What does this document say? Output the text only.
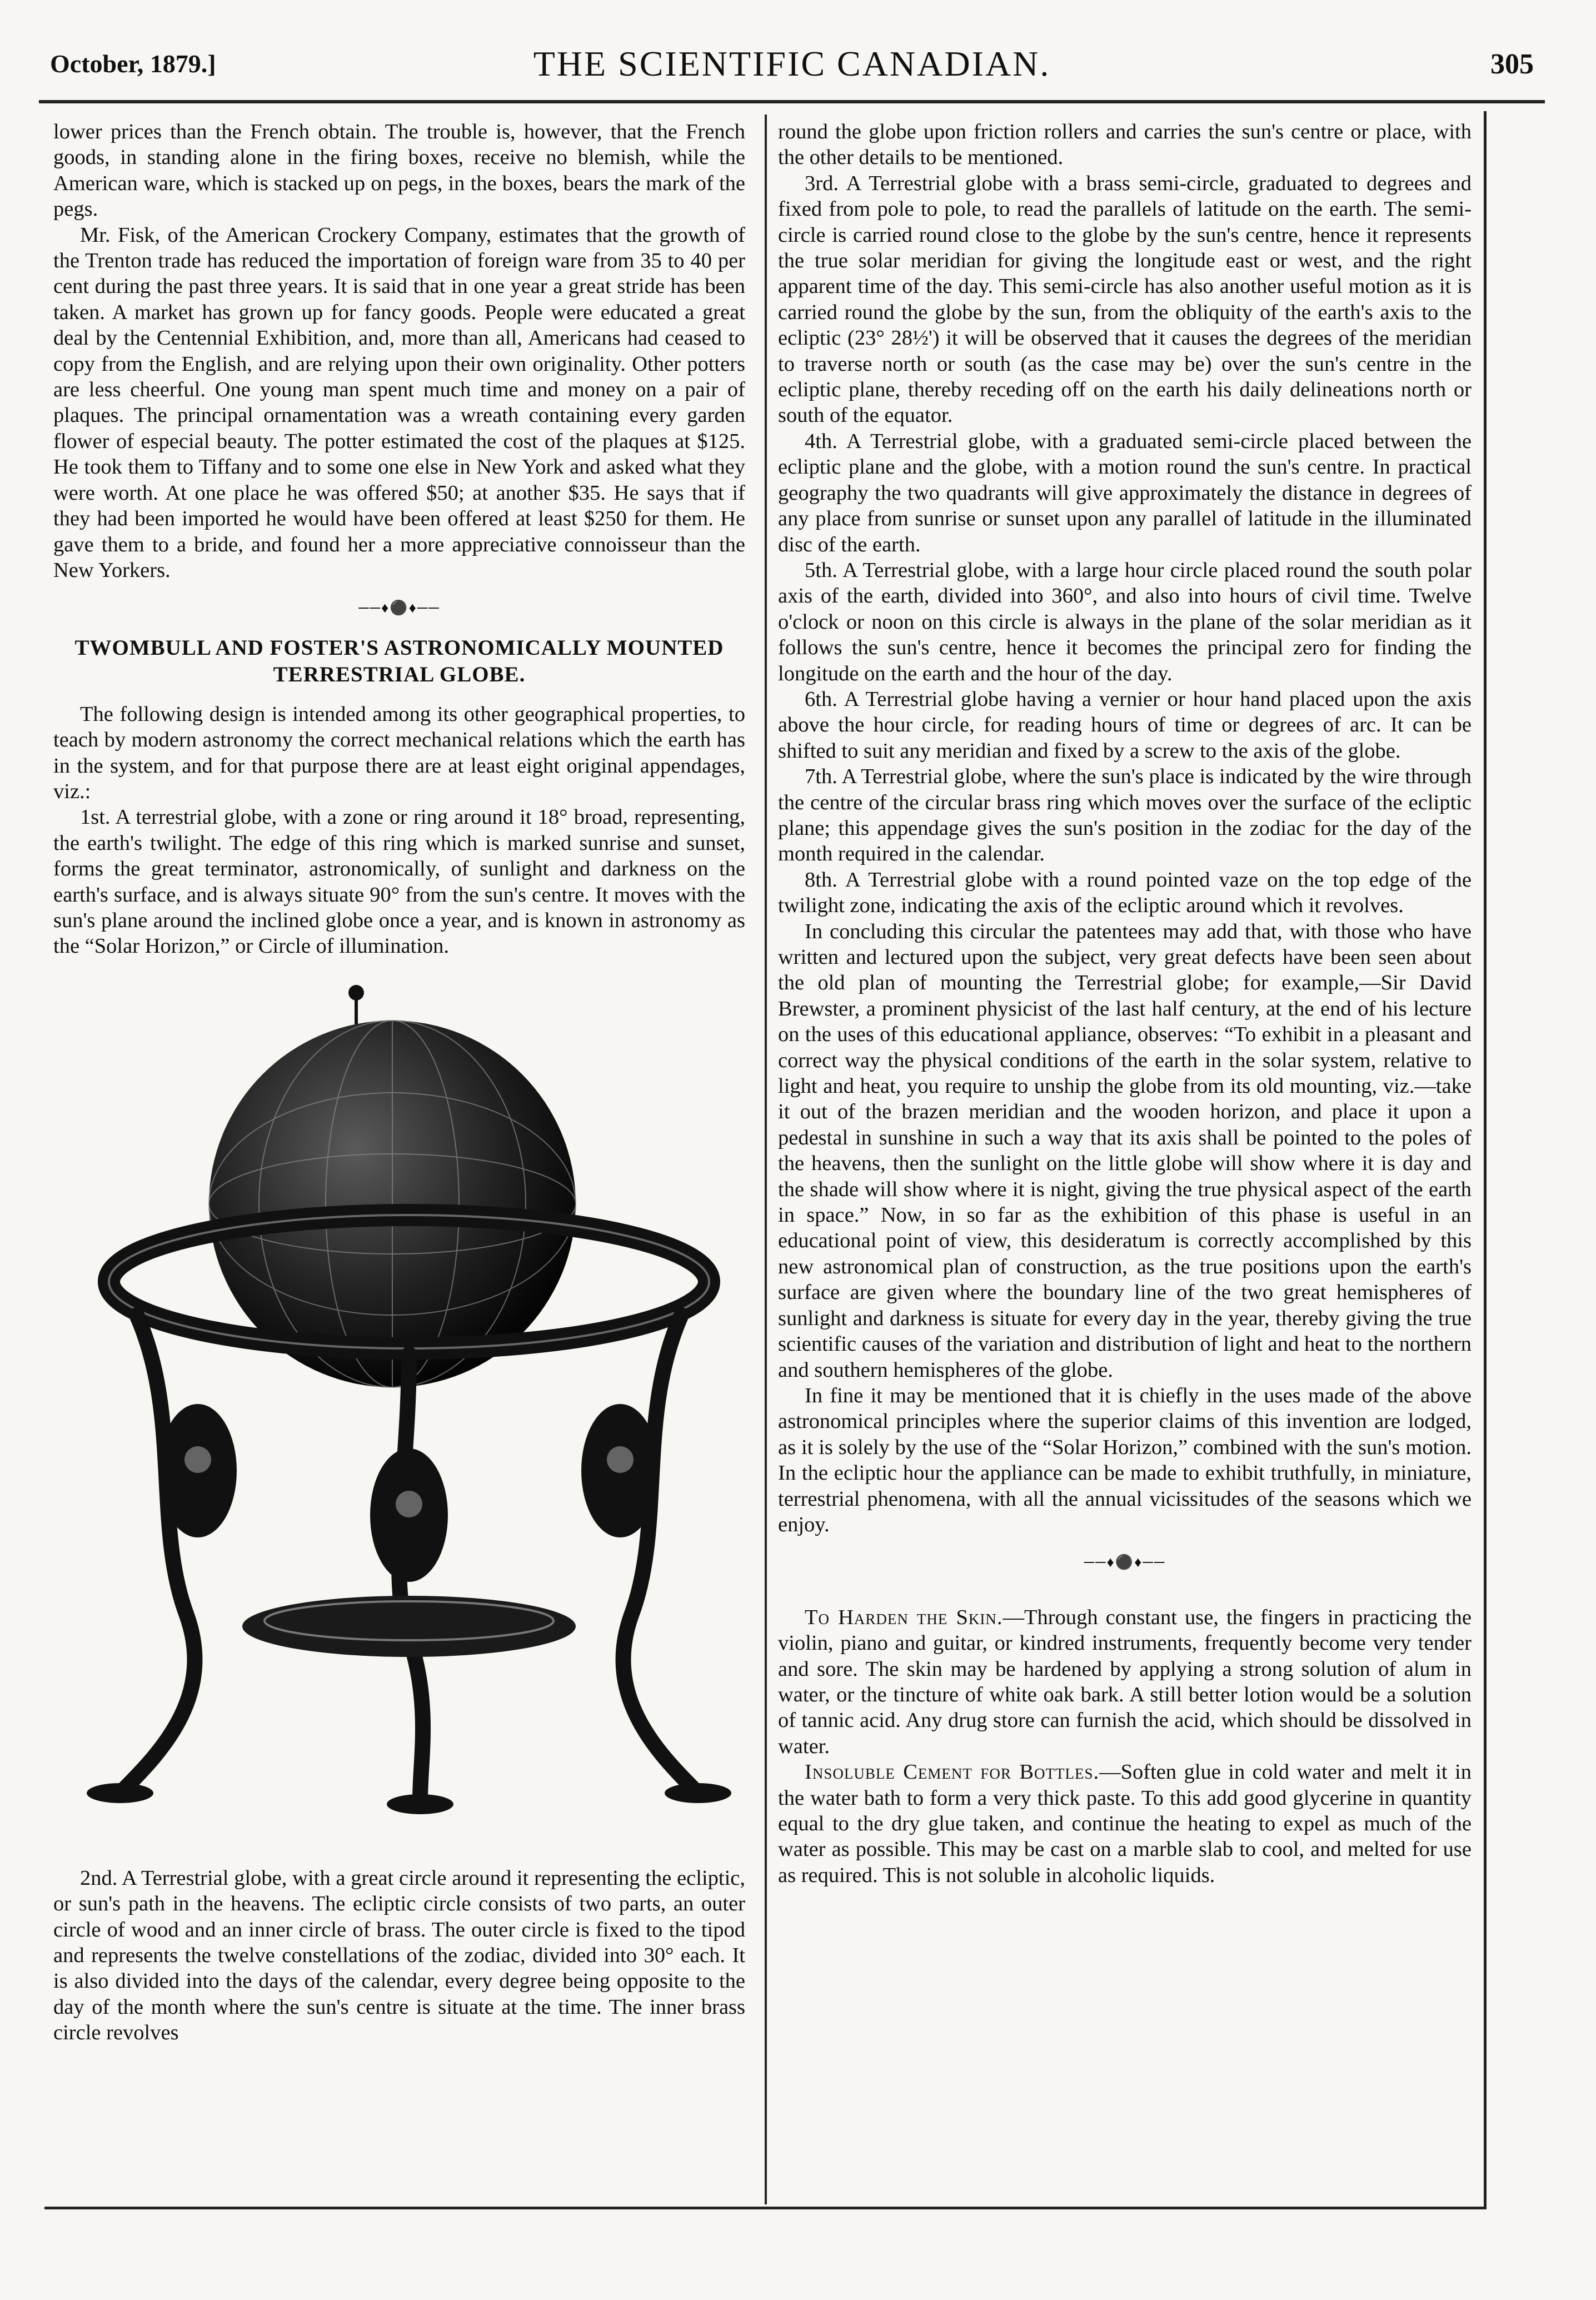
October, 1879.]	THE SCIENTIFIC CANADIAN.	305

lower prices than the French obtain. The trouble is, however, that the French goods, in standing alone in the firing boxes, receive no blemish, while the American ware, which is stacked up on pegs, in the boxes, bears the mark of the pegs.

Mr. Fisk, of the American Crockery Company, estimates that the growth of the Trenton trade has reduced the importation of foreign ware from 35 to 40 per cent during the past three years. It is said that in one year a great stride has been taken. A market has grown up for fancy goods. People were educated a great deal by the Centennial Exhibition, and, more than all, Americans had ceased to copy from the English, and are relying upon their own originality. Other potters are less cheerful. One young man spent much time and money on a pair of plaques. The principal ornamentation was a wreath containing every garden flower of especial beauty. The potter estimated the cost of the plaques at $125. He took them to Tiffany and to some one else in New York and asked what they were worth. At one place he was offered $50; at another $35. He says that if they had been imported he would have been offered at least $250 for them. He gave them to a bride, and found her a more appreciative connoisseur than the New Yorkers.

──♦⚫♦──
TWOMBULL AND FOSTER'S ASTRONOMICALLY MOUNTED TERRESTRIAL GLOBE.

The following design is intended among its other geographical properties, to teach by modern astronomy the correct mechanical relations which the earth has in the system, and for that purpose there are at least eight original appendages, viz.:

1st. A terrestrial globe, with a zone or ring around it 18° broad, representing, the earth's twilight. The edge of this ring which is marked sunrise and sunset, forms the great terminator, astronomically, of sunlight and darkness on the earth's surface, and is always situate 90° from the sun's centre. It moves with the sun's plane around the inclined globe once a year, and is known in astronomy as the “Solar Horizon,” or Circle of illumination.

2nd. A Terrestrial globe, with a great circle around it representing the ecliptic, or sun's path in the heavens. The ecliptic circle consists of two parts, an outer circle of wood and an inner circle of brass. The outer circle is fixed to the tipod and represents the twelve constellations of the zodiac, divided into 30° each. It is also divided into the days of the calendar, every degree being opposite to the day of the month where the sun's centre is situate at the time. The inner brass circle revolves

round the globe upon friction rollers and carries the sun's centre or place, with the other details to be mentioned.

3rd. A Terrestrial globe with a brass semi-circle, graduated to degrees and fixed from pole to pole, to read the parallels of latitude on the earth. The semi-circle is carried round close to the globe by the sun's centre, hence it represents the true solar meridian for giving the longitude east or west, and the right apparent time of the day. This semi-circle has also another useful motion as it is carried round the globe by the sun, from the obliquity of the earth's axis to the ecliptic (23° 28½') it will be observed that it causes the degrees of the meridian to traverse north or south (as the case may be) over the sun's centre in the ecliptic plane, thereby receding off on the earth his daily delineations north or south of the equator.

4th. A Terrestrial globe, with a graduated semi-circle placed between the ecliptic plane and the globe, with a motion round the sun's centre. In practical geography the two quadrants will give approximately the distance in degrees of any place from sunrise or sunset upon any parallel of latitude in the illuminated disc of the earth.

5th. A Terrestrial globe, with a large hour circle placed round the south polar axis of the earth, divided into 360°, and also into hours of civil time. Twelve o'clock or noon on this circle is always in the plane of the solar meridian as it follows the sun's centre, hence it becomes the principal zero for finding the longitude on the earth and the hour of the day.

6th. A Terrestrial globe having a vernier or hour hand placed upon the axis above the hour circle, for reading hours of time or degrees of arc. It can be shifted to suit any meridian and fixed by a screw to the axis of the globe.

7th. A Terrestrial globe, where the sun's place is indicated by the wire through the centre of the circular brass ring which moves over the surface of the ecliptic plane; this appendage gives the sun's position in the zodiac for the day of the month required in the calendar.

8th. A Terrestrial globe with a round pointed vaze on the top edge of the twilight zone, indicating the axis of the ecliptic around which it revolves.

In concluding this circular the patentees may add that, with those who have written and lectured upon the subject, very great defects have been seen about the old plan of mounting the Terrestrial globe; for example,—Sir David Brewster, a prominent physicist of the last half century, at the end of his lecture on the uses of this educational appliance, observes: “To exhibit in a pleasant and correct way the physical conditions of the earth in the solar system, relative to light and heat, you require to unship the globe from its old mounting, viz.—take it out of the brazen meridian and the wooden horizon, and place it upon a pedestal in sunshine in such a way that its axis shall be pointed to the poles of the heavens, then the sunlight on the little globe will show where it is day and the shade will show where it is night, giving the true physical aspect of the earth in space.” Now, in so far as the exhibition of this phase is useful in an educational point of view, this desideratum is correctly accomplished by this new astronomical plan of construction, as the true positions upon the earth's surface are given where the boundary line of the two great hemispheres of sunlight and darkness is situate for every day in the year, thereby giving the true scientific causes of the variation and distribution of light and heat to the northern and southern hemispheres of the globe.

In fine it may be mentioned that it is chiefly in the uses made of the above astronomical principles where the superior claims of this invention are lodged, as it is solely by the use of the “Solar Horizon,” combined with the sun's motion. In the ecliptic hour the appliance can be made to exhibit truthfully, in miniature, terrestrial phenomena, with all the annual vicissitudes of the seasons which we enjoy.

──♦⚫♦──

To Harden the Skin.—Through constant use, the fingers in practicing the violin, piano and guitar, or kindred instruments, frequently become very tender and sore. The skin may be hardened by applying a strong solution of alum in water, or the tincture of white oak bark. A still better lotion would be a solution of tannic acid. Any drug store can furnish the acid, which should be dissolved in water.

Insoluble Cement for Bottles.—Soften glue in cold water and melt it in the water bath to form a very thick paste. To this add good glycerine in quantity equal to the dry glue taken, and continue the heating to expel as much of the water as possible. This may be cast on a marble slab to cool, and melted for use as required. This is not soluble in alcoholic liquids.
